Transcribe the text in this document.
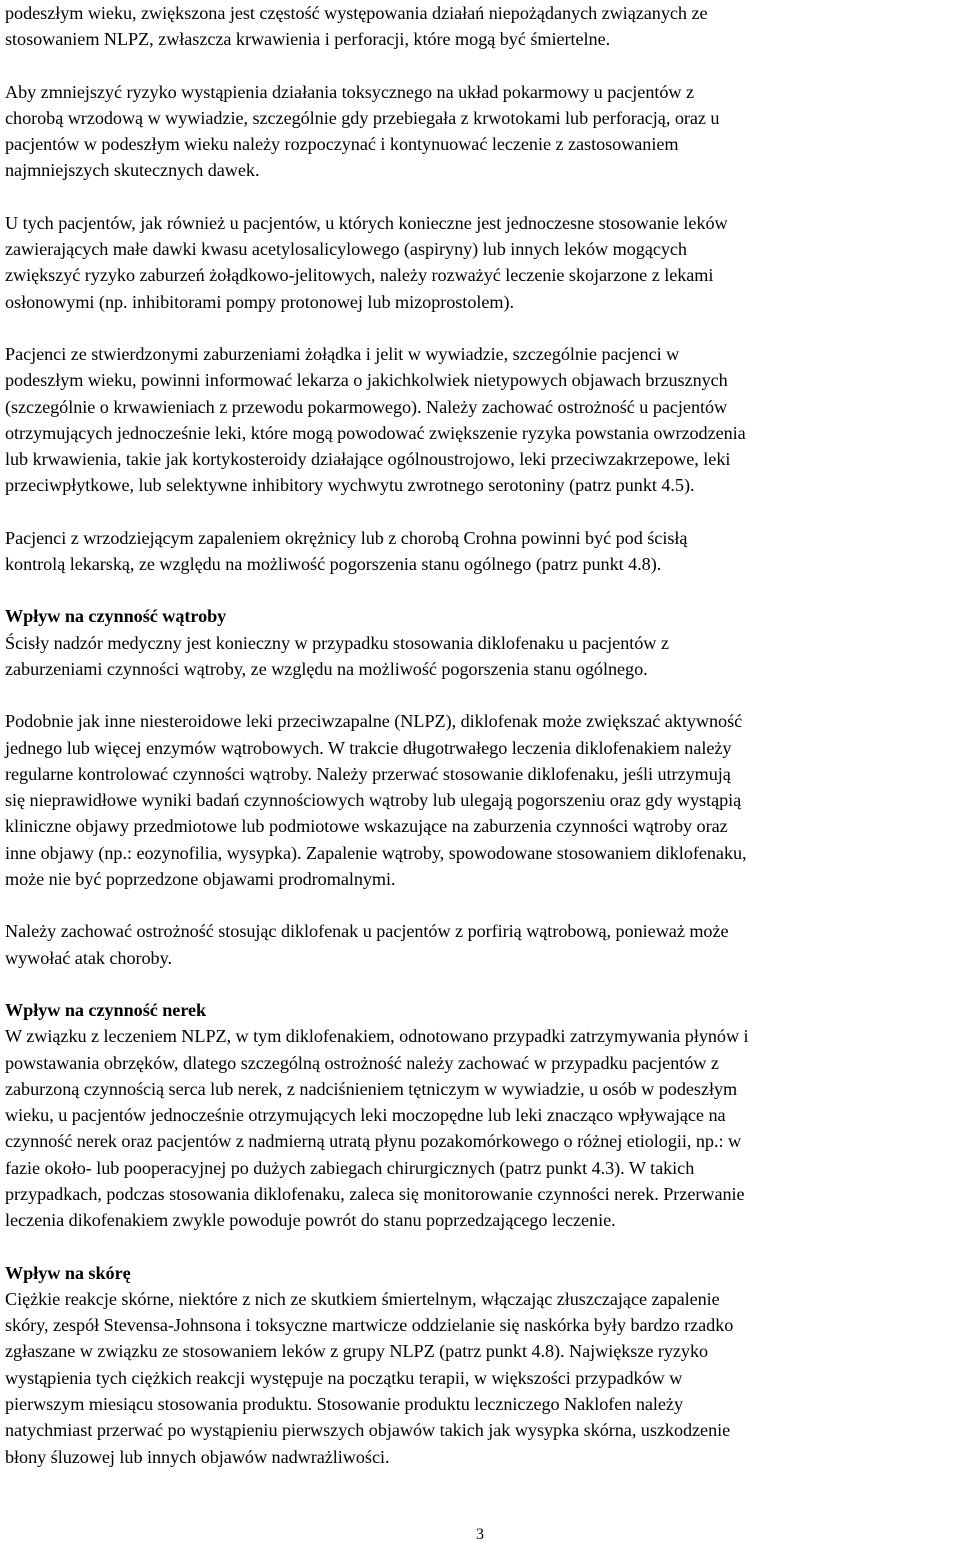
podeszłym wieku, zwiększona jest częstość występowania działań niepożądanych związanych ze

stosowaniem NLPZ, zwłaszcza krwawienia i perforacji, które mogą być śmiertelne.

Aby zmniejszyć ryzyko wystąpienia działania toksycznego na układ pokarmowy u pacjentów z

chorobą wrzodową w wywiadzie, szczególnie gdy przebiegała z krwotokami lub perforacją, oraz u

pacjentów w podeszłym wieku należy rozpoczynać i kontynuować leczenie z zastosowaniem

najmniejszych skutecznych dawek.

U tych pacjentów, jak również u pacjentów, u których konieczne jest jednoczesne stosowanie leków

zawierających małe dawki kwasu acetylosalicylowego (aspiryny) lub innych leków mogących

zwiększyć ryzyko zaburzeń żołądkowo-jelitowych, należy rozważyć leczenie skojarzone z lekami

osłonowymi (np. inhibitorami pompy protonowej lub mizoprostolem).

Pacjenci ze stwierdzonymi zaburzeniami żołądka i jelit w wywiadzie, szczególnie pacjenci w

podeszłym wieku, powinni informować lekarza o jakichkolwiek nietypowych objawach brzusznych

(szczególnie o krwawieniach z przewodu pokarmowego). Należy zachować ostrożność u pacjentów

otrzymujących jednocześnie leki, które mogą powodować zwiększenie ryzyka powstania owrzodzenia

lub krwawienia, takie jak kortykosteroidy działające ogólnoustrojowo, leki przeciwzakrzepowe, leki

przeciwpłytkowe, lub selektywne inhibitory wychwytu zwrotnego serotoniny (patrz punkt 4.5).

Pacjenci z wrzodziejącym zapaleniem okrężnicy lub z chorobą Crohna powinni być pod ścisłą

kontrolą lekarską, ze względu na możliwość pogorszenia stanu ogólnego (patrz punkt 4.8).

Wpływ na czynność wątroby

Ścisły nadzór medyczny jest konieczny w przypadku stosowania diklofenaku u pacjentów z

zaburzeniami czynności wątroby, ze względu na możliwość pogorszenia stanu ogólnego.

Podobnie jak inne niesteroidowe leki przeciwzapalne (NLPZ), diklofenak może zwiększać aktywność

jednego lub więcej enzymów wątrobowych. W trakcie długotrwałego leczenia diklofenakiem należy

regularne kontrolować czynności wątroby. Należy przerwać stosowanie diklofenaku, jeśli utrzymują

się nieprawidłowe wyniki badań czynnościowych wątroby lub ulegają pogorszeniu oraz gdy wystąpią

kliniczne objawy przedmiotowe lub podmiotowe wskazujące na zaburzenia czynności wątroby oraz

inne objawy (np.: eozynofilia, wysypka). Zapalenie wątroby, spowodowane stosowaniem diklofenaku,

może nie być poprzedzone objawami prodromalnymi.

Należy zachować ostrożność stosując diklofenak u pacjentów z porfirią wątrobową, ponieważ może

wywołać atak choroby.

Wpływ na czynność nerek

W związku z leczeniem NLPZ, w tym diklofenakiem, odnotowano przypadki zatrzymywania płynów i

powstawania obrzęków, dlatego szczególną ostrożność należy zachować w przypadku pacjentów z

zaburzoną czynnością serca lub nerek, z nadciśnieniem tętniczym w wywiadzie, u osób w podeszłym

wieku, u pacjentów jednocześnie otrzymujących leki moczopędne lub leki znacząco wpływające na

czynność nerek oraz pacjentów z nadmierną utratą płynu pozakomórkowego o różnej etiologii, np.: w

fazie około- lub pooperacyjnej po dużych zabiegach chirurgicznych (patrz punkt 4.3). W takich

przypadkach, podczas stosowania diklofenaku, zaleca się monitorowanie czynności nerek. Przerwanie

leczenia dikofenakiem zwykle powoduje powrót do stanu poprzedzającego leczenie.

Wpływ na skórę

Ciężkie reakcje skórne, niektóre z nich ze skutkiem śmiertelnym, włączając złuszczające zapalenie

skóry, zespół Stevensa-Johnsona i toksyczne martwicze oddzielanie się naskórka były bardzo rzadko

zgłaszane w związku ze stosowaniem leków z grupy NLPZ (patrz punkt 4.8). Największe ryzyko

wystąpienia tych ciężkich reakcji występuje na początku terapii, w większości przypadków w

pierwszym miesiącu stosowania produktu. Stosowanie produktu leczniczego Naklofen należy

natychmiast przerwać po wystąpieniu pierwszych objawów takich jak wysypka skórna, uszkodzenie

błony śluzowej lub innych objawów nadwrażliwości.

3
